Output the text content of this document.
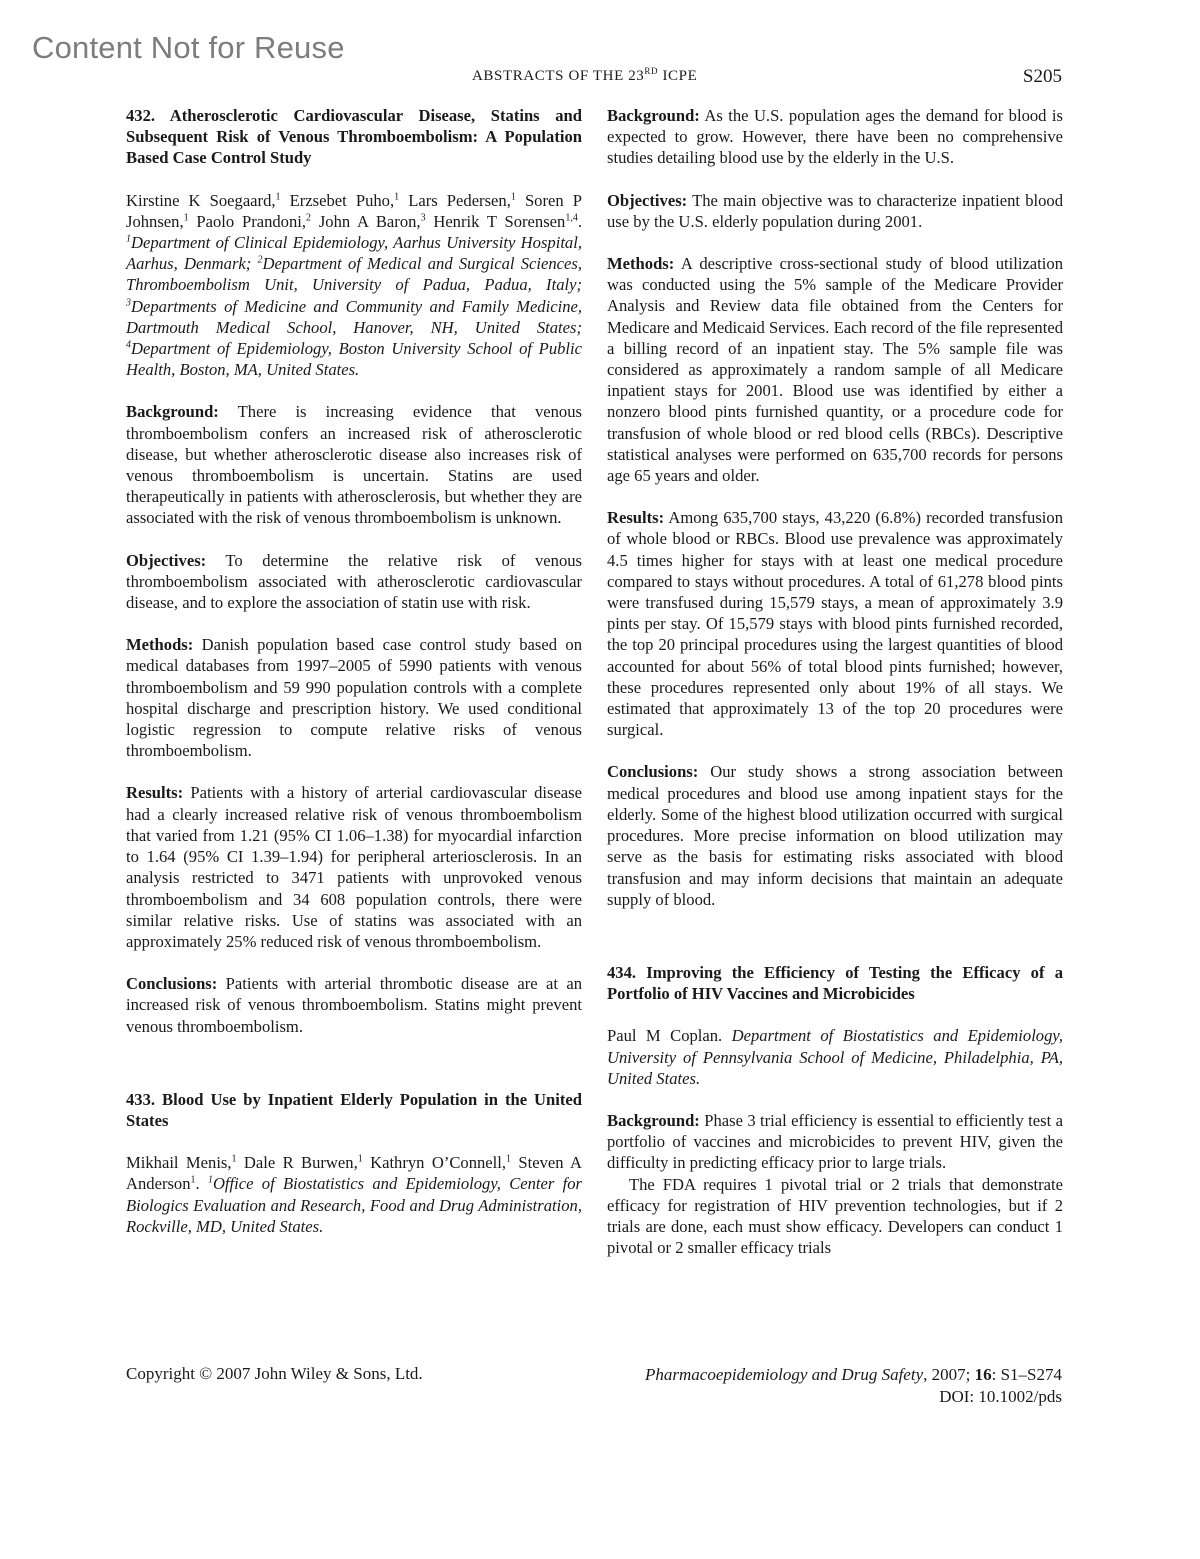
Content Not for Reuse
ABSTRACTS OF THE 23RD ICPE	S205

432. Atherosclerotic Cardiovascular Disease, Statins and Subsequent Risk of Venous Thromboembolism: A Population Based Case Control Study

Kirstine K Soegaard,$^1$ Erzsebet Puho,$^1$ Lars Pedersen,$^1$ Soren P Johnsen,$^1$ Paolo Prandoni,$^2$ John A Baron,$^3$ Henrik T Sorensen$^{1,4}$. $^1$Department of Clinical Epidemiology, Aarhus University Hospital, Aarhus, Denmark; $^2$Department of Medical and Surgical Sciences, Thromboembolism Unit, University of Padua, Padua, Italy; $^3$Departments of Medicine and Community and Family Medicine, Dartmouth Medical School, Hanover, NH, United States; $^4$Department of Epidemiology, Boston University School of Public Health, Boston, MA, United States.

Background: There is increasing evidence that venous thromboembolism confers an increased risk of atherosclerotic disease, but whether atherosclerotic disease also increases risk of venous thromboembolism is uncertain. Statins are used therapeutically in patients with atherosclerosis, but whether they are associated with the risk of venous thromboembolism is unknown.

Objectives: To determine the relative risk of venous thromboembolism associated with atherosclerotic cardiovascular disease, and to explore the association of statin use with risk.

Methods: Danish population based case control study based on medical databases from 1997–2005 of 5990 patients with venous thromboembolism and 59 990 population controls with a complete hospital discharge and prescription history. We used conditional logistic regression to compute relative risks of venous thromboembolism.

Results: Patients with a history of arterial cardiovascular disease had a clearly increased relative risk of venous thromboembolism that varied from 1.21 (95% CI 1.06–1.38) for myocardial infarction to 1.64 (95% CI 1.39–1.94) for peripheral arteriosclerosis. In an analysis restricted to 3471 patients with unprovoked venous thromboembolism and 34 608 population controls, there were similar relative risks. Use of statins was associated with an approximately 25% reduced risk of venous thromboembolism.

Conclusions: Patients with arterial thrombotic disease are at an increased risk of venous thromboembolism. Statins might prevent venous thromboembolism.

433. Blood Use by Inpatient Elderly Population in the United States

Mikhail Menis,$^1$ Dale R Burwen,$^1$ Kathryn O’Connell,$^1$ Steven A Anderson$^1$. $^1$Office of Biostatistics and Epidemiology, Center for Biologics Evaluation and Research, Food and Drug Administration, Rockville, MD, United States.

Background: As the U.S. population ages the demand for blood is expected to grow. However, there have been no comprehensive studies detailing blood use by the elderly in the U.S.

Objectives: The main objective was to characterize inpatient blood use by the U.S. elderly population during 2001.

Methods: A descriptive cross-sectional study of blood utilization was conducted using the 5% sample of the Medicare Provider Analysis and Review data file obtained from the Centers for Medicare and Medicaid Services. Each record of the file represented a billing record of an inpatient stay. The 5% sample file was considered as approximately a random sample of all Medicare inpatient stays for 2001. Blood use was identified by either a nonzero blood pints furnished quantity, or a procedure code for transfusion of whole blood or red blood cells (RBCs). Descriptive statistical analyses were performed on 635,700 records for persons age 65 years and older.

Results: Among 635,700 stays, 43,220 (6.8%) recorded transfusion of whole blood or RBCs. Blood use prevalence was approximately 4.5 times higher for stays with at least one medical procedure compared to stays without procedures. A total of 61,278 blood pints were transfused during 15,579 stays, a mean of approximately 3.9 pints per stay. Of 15,579 stays with blood pints furnished recorded, the top 20 principal procedures using the largest quantities of blood accounted for about 56% of total blood pints furnished; however, these procedures represented only about 19% of all stays. We estimated that approximately 13 of the top 20 procedures were surgical.

Conclusions: Our study shows a strong association between medical procedures and blood use among inpatient stays for the elderly. Some of the highest blood utilization occurred with surgical procedures. More precise information on blood utilization may serve as the basis for estimating risks associated with blood transfusion and may inform decisions that maintain an adequate supply of blood.

434. Improving the Efficiency of Testing the Efficacy of a Portfolio of HIV Vaccines and Microbicides

Paul M Coplan. Department of Biostatistics and Epidemiology, University of Pennsylvania School of Medicine, Philadelphia, PA, United States.

Background: Phase 3 trial efficiency is essential to efficiently test a portfolio of vaccines and microbicides to prevent HIV, given the difficulty in predicting efficacy prior to large trials.

The FDA requires 1 pivotal trial or 2 trials that demonstrate efficacy for registration of HIV prevention technologies, but if 2 trials are done, each must show efficacy. Developers can conduct 1 pivotal or 2 smaller efficacy trials

Copyright © 2007 John Wiley & Sons, Ltd.	Pharmacoepidemiology and Drug Safety, 2007; 16: S1–S274
DOI: 10.1002/pds
